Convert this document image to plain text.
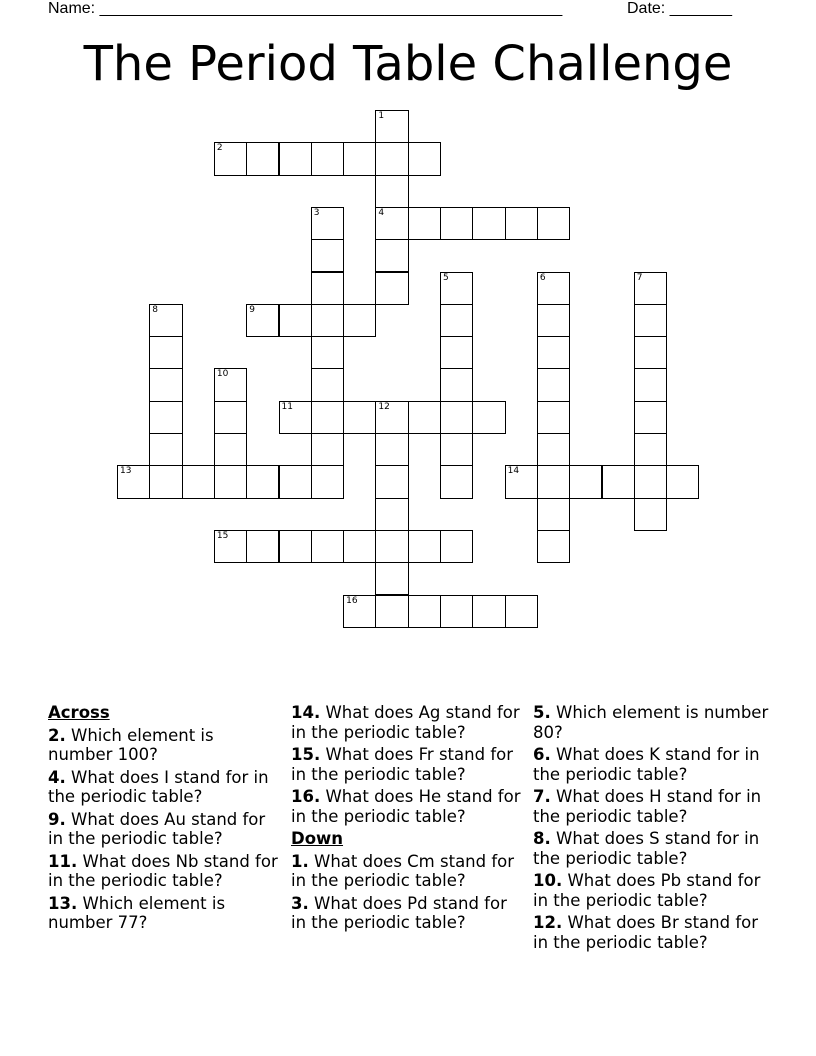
Name: ____________________________________________________	Date: _______
The Period Table Challenge
1
4
2
3
5	6	7
8	9
10
11	12
13	14
15
16
Across
2. Which element is number 100?
4. What does I stand for in the periodic table?
9. What does Au stand for in the periodic table?
11. What does Nb stand for in the periodic table?
13. Which element is number 77?
14. What does Ag stand for in the periodic table?
15. What does Fr stand for in the periodic table?
16. What does He stand for in the periodic table?
Down
1. What does Cm stand for in the periodic table?
3. What does Pd stand for in the periodic table?
5. Which element is number 80?
6. What does K stand for in the periodic table?
7. What does H stand for in the periodic table?
8. What does S stand for in the periodic table?
10. What does Pb stand for in the periodic table?
12. What does Br stand for in the periodic table?
